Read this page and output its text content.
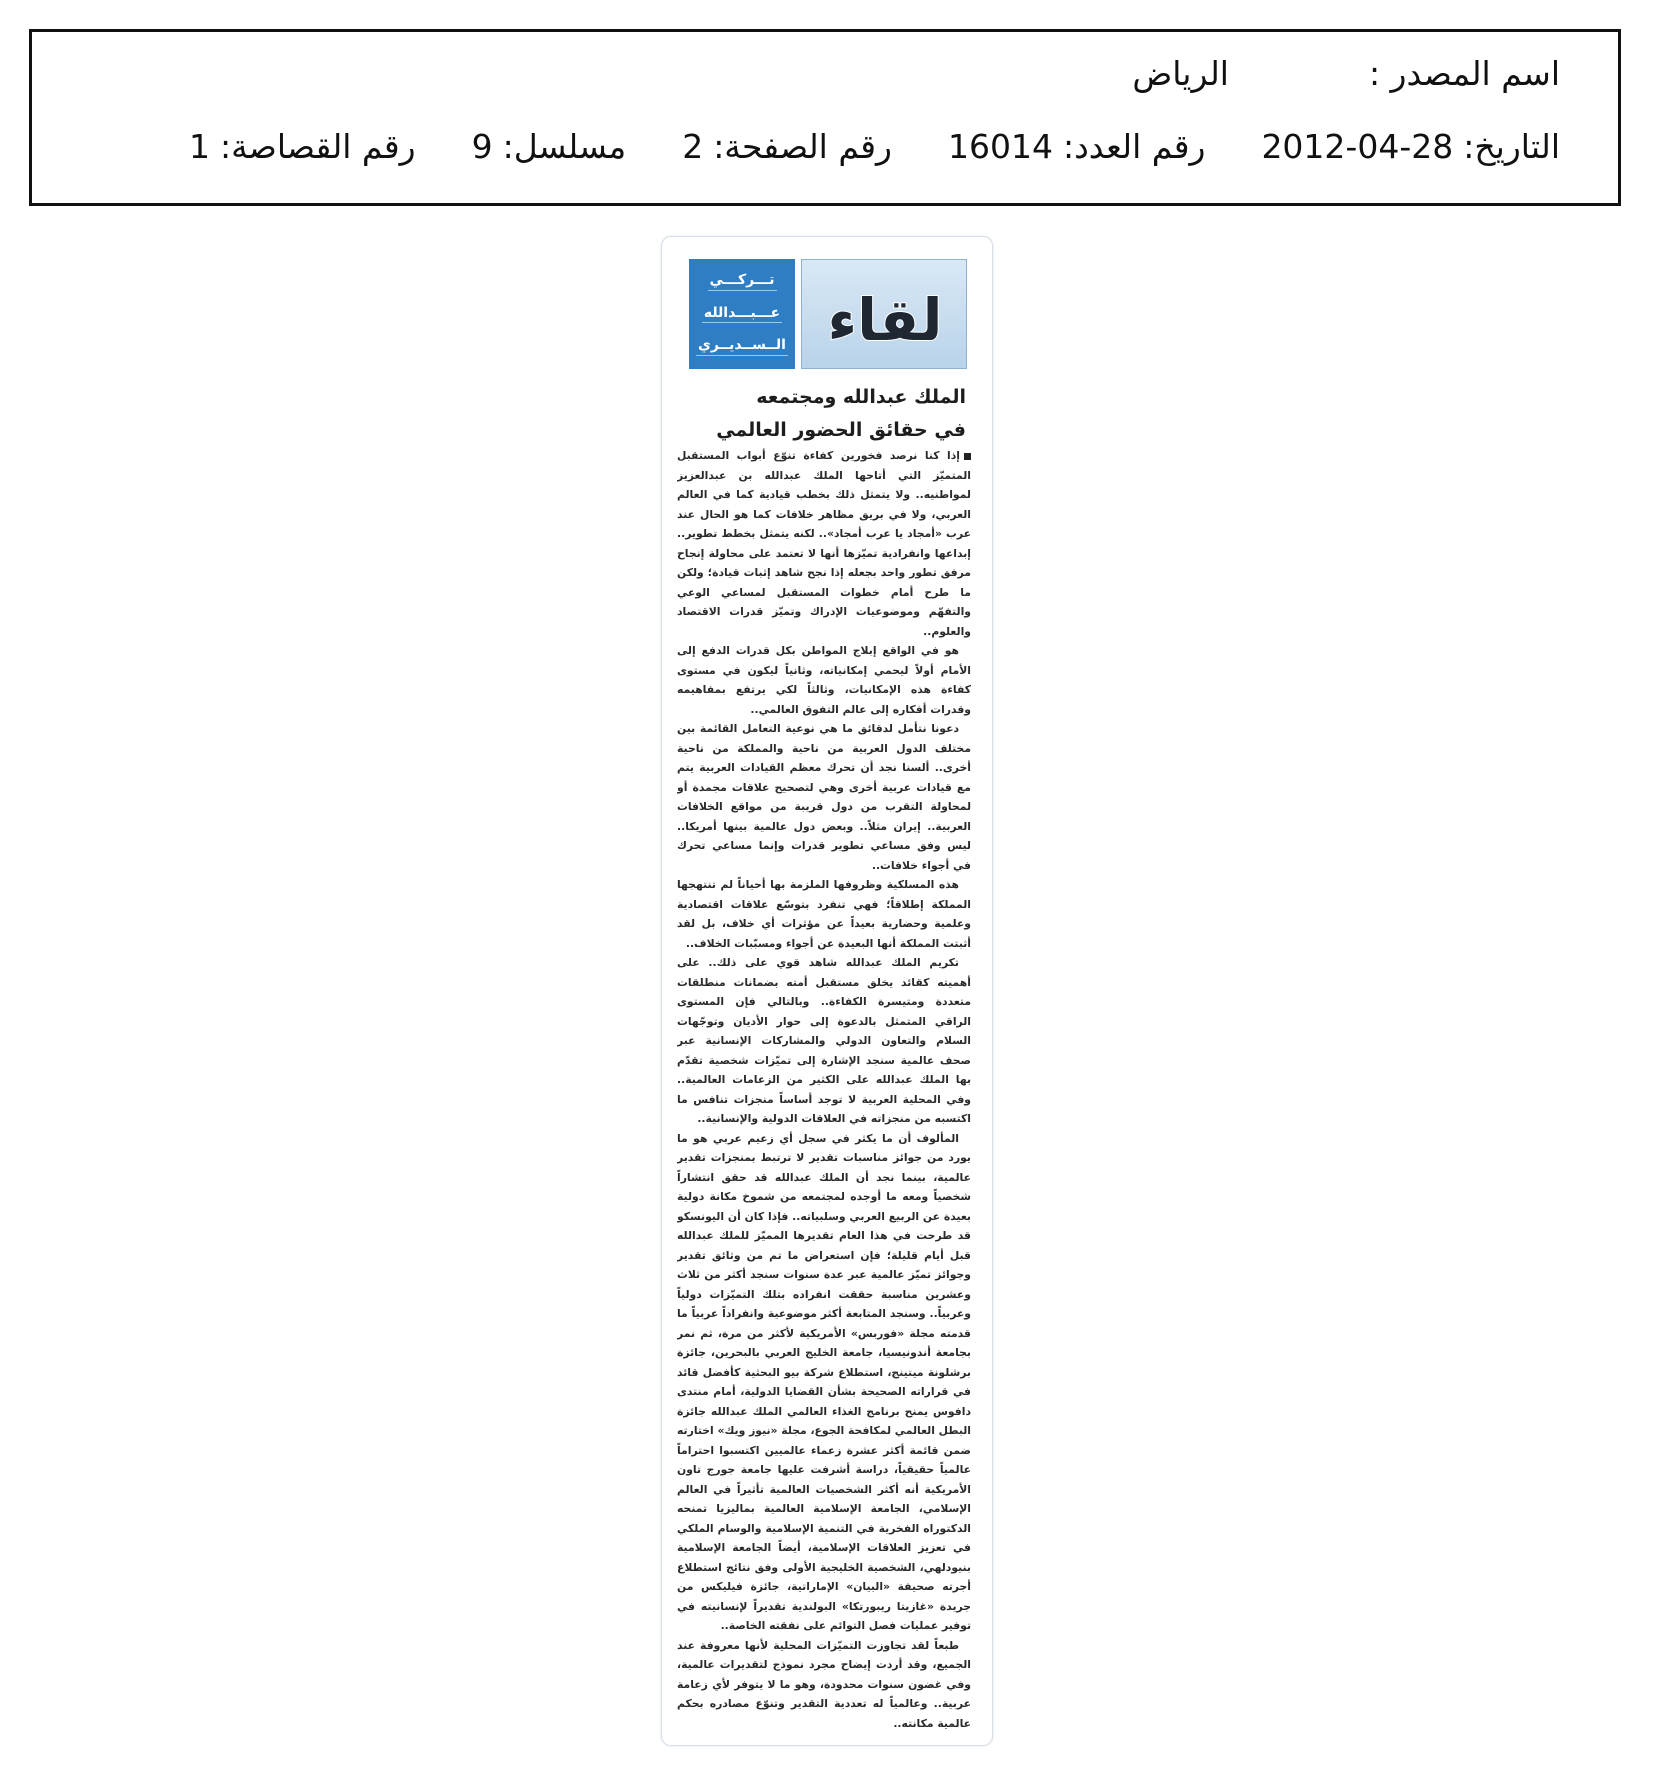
اسم المصدر :
الرياض
التاريخ:
2012-04-28
رقم العدد:
16014
رقم الصفحة:
2
مسلسل:
9
رقم القصاصة:
1
لقاء
تـــركـــي
عـــبـــدالله
الــســديــري
الملك عبدالله ومجتمعه
في حقائق الحضور العالمي

إذا كنا نرصد فخورين كفاءة تنوّع أبواب المستقبل المتميّز التي أتاحها الملك عبدالله بن عبدالعزيز لمواطنيه.. ولا يتمثل ذلك بخطب قيادية كما في العالم العربي، ولا في بريق مظاهر خلافات كما هو الحال عند عرب «أمجاد يا عرب أمجاد».. لكنه يتمثل بخطط تطوير.. إبداعها وانفرادية تميّزها أنها لا تعتمد على محاولة إنجاح مرفق تطور واحد بجعله إذا نجح شاهد إثبات قيادة؛ ولكن ما طرح أمام خطوات المستقبل لمساعي الوعي والتفهّم وموضوعيات الإدراك وتميّز قدرات الاقتصاد والعلوم..

هو في الواقع إبلاج المواطن بكل قدرات الدفع إلى الأمام أولاً ليحمي إمكانياته، وثانياً ليكون في مستوى كفاءة هذه الإمكانيات، وثالثاً لكي يرتفع بمفاهيمه وقدرات أفكاره إلى عالم التفوق العالمي..

دعونا نتأمل لدقائق ما هي نوعية التعامل القائمة بين مختلف الدول العربية من ناحية والمملكة من ناحية أخرى.. ألسنا نجد أن تحرك معظم القيادات العربية يتم مع قيادات عربية أخرى وهي لتصحيح علاقات مجمدة أو لمحاولة التقرب من دول قريبة من مواقع الخلافات العربية.. إيران مثلاً.. وبعض دول عالمية بينها أمريكا.. ليس وفق مساعي تطوير قدرات وإنما مساعي تحرك في أجواء خلافات..

هذه المسلكية وظروفها الملزمة بها أحياناً لم تنتهجها المملكة إطلاقاً؛ فهي تنفرد بتوسّع علاقات اقتصادية وعلمية وحضارية بعيداً عن مؤثرات أي خلاف، بل لقد أثبتت المملكة أنها البعيدة عن أجواء ومسبّبات الخلاف..

تكريم الملك عبدالله شاهد قوي على ذلك.. على أهميته كقائد يخلق مستقبل أمته بضمانات منطلقات متعددة ومتيسرة الكفاءة.. وبالتالي فإن المستوى الراقي المتمثل بالدعوة إلى حوار الأديان وتوجّهات السلام والتعاون الدولي والمشاركات الإنسانية عبر صحف عالمية سنجد الإشارة إلى تميّزات شخصية تقدّم بها الملك عبدالله على الكثير من الزعامات العالمية.. وفي المحلية العربية لا توجد أساساً منجزات تنافس ما اكتسبه من منجزاته في العلاقات الدولية والإنسانية..

المألوف أن ما يكثر في سجل أي زعيم عربي هو ما يورد من جوائز مناسبات تقدير لا ترتبط بمنجزات تقدير عالمية، بينما نجد أن الملك عبدالله قد حقق انتشاراً شخصياً ومعه ما أوجده لمجتمعه من شموخ مكانة دولية بعيدة عن الربيع العربي وسلبياته.. فإذا كان أن اليونسكو قد طرحت في هذا العام تقديرها المميّز للملك عبدالله قبل أيام قليلة؛ فإن استعراض ما تم من وثائق تقدير وجوائز تميّز عالمية عبر عدة سنوات سنجد أكثر من ثلاث وعشرين مناسبة حققت انفراده بتلك التميّزات دولياً وعربياً.. وسنجد المتابعة أكثر موضوعية وانفراداً عربياً ما قدمته مجلة «فوربس» الأمريكية لأكثر من مرة، ثم نمر بجامعة أندونيسيا، جامعة الخليج العربي بالبحرين، جائزة برشلونة ميتينج، استطلاع شركة بيو البحثية كأفضل قائد في قراراته الصحيحة بشأن القضايا الدولية، أمام منتدى دافوس يمنح برنامج الغذاء العالمي الملك عبدالله جائزة البطل العالمي لمكافحة الجوع، مجلة «نيوز ويك» اختارته ضمن قائمة أكثر عشرة زعماء عالميين اكتسبوا احتراماً عالمياً حقيقياً، دراسة أشرفت عليها جامعة جورج تاون الأمريكية أنه أكثر الشخصيات العالمية تأثيراً في العالم الإسلامي، الجامعة الإسلامية العالمية بماليزيا تمنحه الدكتوراه الفخرية في التنمية الإسلامية والوسام الملكي في تعزيز العلاقات الإسلامية، أيضاً الجامعة الإسلامية بنيودلهي، الشخصية الخليجية الأولى وفق نتائج استطلاع أجرته صحيفة «البيان» الإماراتية، جائزة فيليكس من جريدة «غازيتا ريبورتكا» البولندية تقديراً لإنسانيته في توفير عمليات فصل التوائم على نفقته الخاصة..

طبعاً لقد تجاوزت التميّزات المحلية لأنها معروفة عند الجميع، وقد أردت إيضاح مجرد نموذج لتقديرات عالمية، وفي غضون سنوات محدودة، وهو ما لا يتوفر لأي زعامة عربية.. وعالمياً له تعددية التقدير وتنوّع مصادره بحكم عالمية مكانته..
